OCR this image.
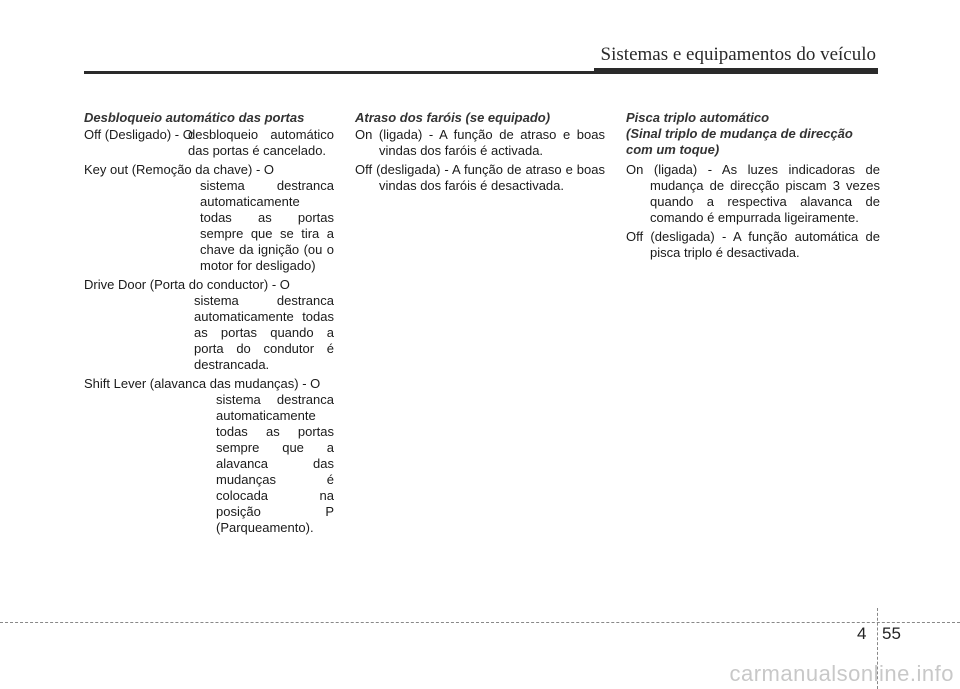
Sistemas e equipamentos do veículo
Desbloqueio automático das portas
Off (Desligado) - O
desbloqueio automático das portas é cancelado.
Key out (Remoção da chave) - O
sistema destranca automaticamente todas as portas sempre que se tira a chave da ignição (ou o motor for desligado)
Drive Door (Porta do conductor) - O
sistema destranca automaticamente todas as portas quando a porta do condutor é destrancada.
Shift Lever (alavanca das mudanças) - O
sistema destranca automaticamente todas as portas sempre que a alavanca das mudanças é colocada na posição P (Parqueamento).
Atraso dos faróis (se equipado)
On (ligada) - A função de atraso e boas vindas dos faróis é activada.
Off (desligada) - A função de atraso e boas vindas dos faróis é desactivada.
Pisca triplo automático
(Sinal triplo de mudança de direcção
com um toque)
On (ligada) - As luzes indicadoras de mudança de direcção piscam 3 vezes quando a respectiva alavanca de comando é empurrada ligeiramente.
Off (desligada) - A função automática de pisca triplo é desactivada.
4 55
carmanualsonline.info
